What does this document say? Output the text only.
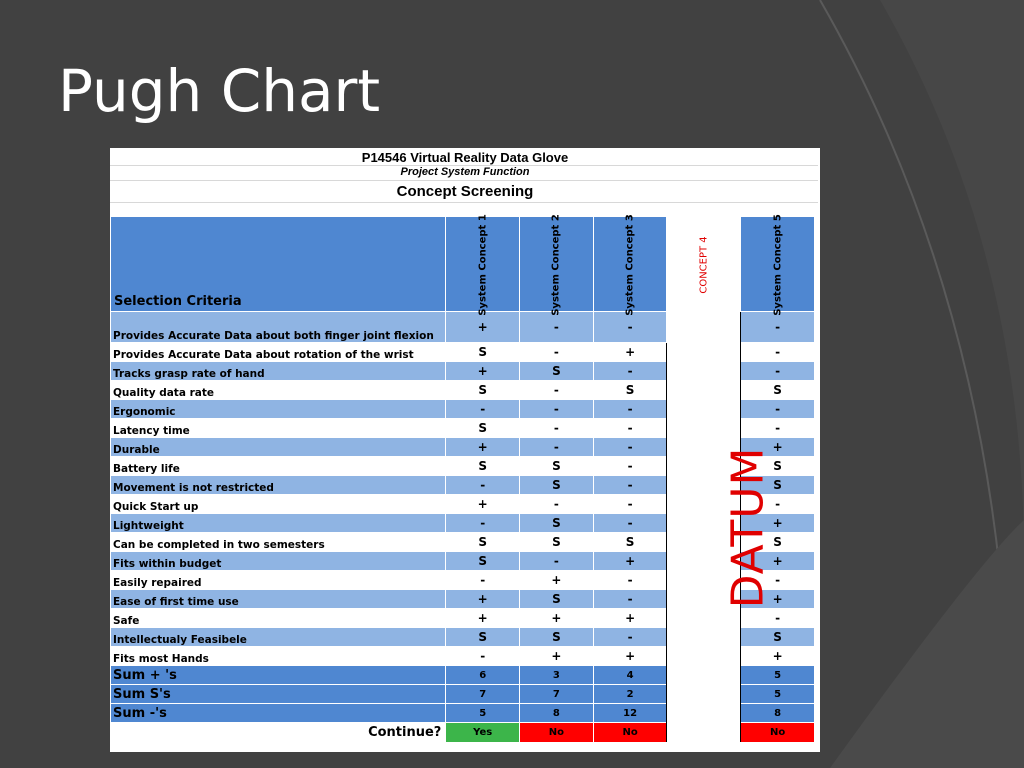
Pugh Chart
P14546 Virtual Reality Data Glove
Project System Function
Concept Screening
Selection Criteria	System Concept 1	System Concept 2	System Concept 3	CONCEPT 4	System Concept 5

Provides Accurate Data about both finger joint flexion	+	-	-	DATUM	-
Provides Accurate Data about rotation of the wrist	S	-	+		-
Tracks grasp rate of hand	+	S	-		-
Quality data rate	S	-	S		S
Ergonomic	-	-	-		-
Latency time	S	-	-		-
Durable	+	-	-		+
Battery life	S	S	-		S
Movement is not restricted	-	S	-		S
Quick Start up	+	-	-		-
Lightweight	-	S	-		+
Can be completed in two semesters	S	S	S		S
Fits within budget	S	-	+		+
Easily repaired	-	+	-		-
Ease of first time use	+	S	-		+
Safe	+	+	+		-
Intellectualy Feasibele	S	S	-		S
Fits most Hands	-	+	+		+
Sum + 's	6	3	4		5
Sum S's	7	7	2		5
Sum -'s	5	8	12		8
Continue?	Yes	No	No		No
